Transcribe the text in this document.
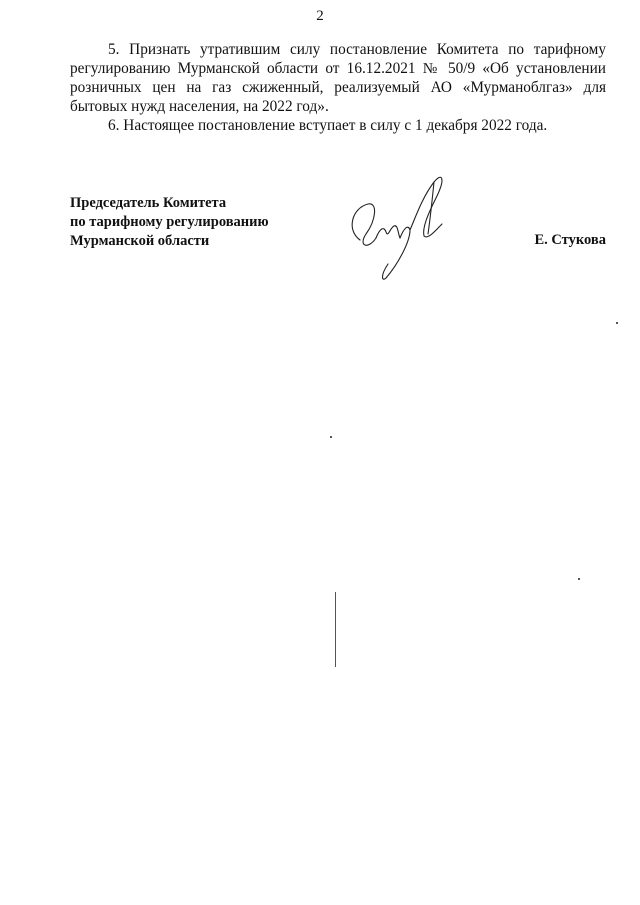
2

5. Признать утратившим силу постановление Комитета по тарифному регулированию Мурманской области от 16.12.2021 № 50/9 «Об установлении розничных цен на газ сжиженный, реализуемый АО «Мурманоблгаз» для бытовых нужд населения, на 2022 год».

6. Настоящее постановление вступает в силу с 1 декабря 2022 года.

Председатель Комитета
по тарифному регулированию
Мурманской области	Е. Стукова
